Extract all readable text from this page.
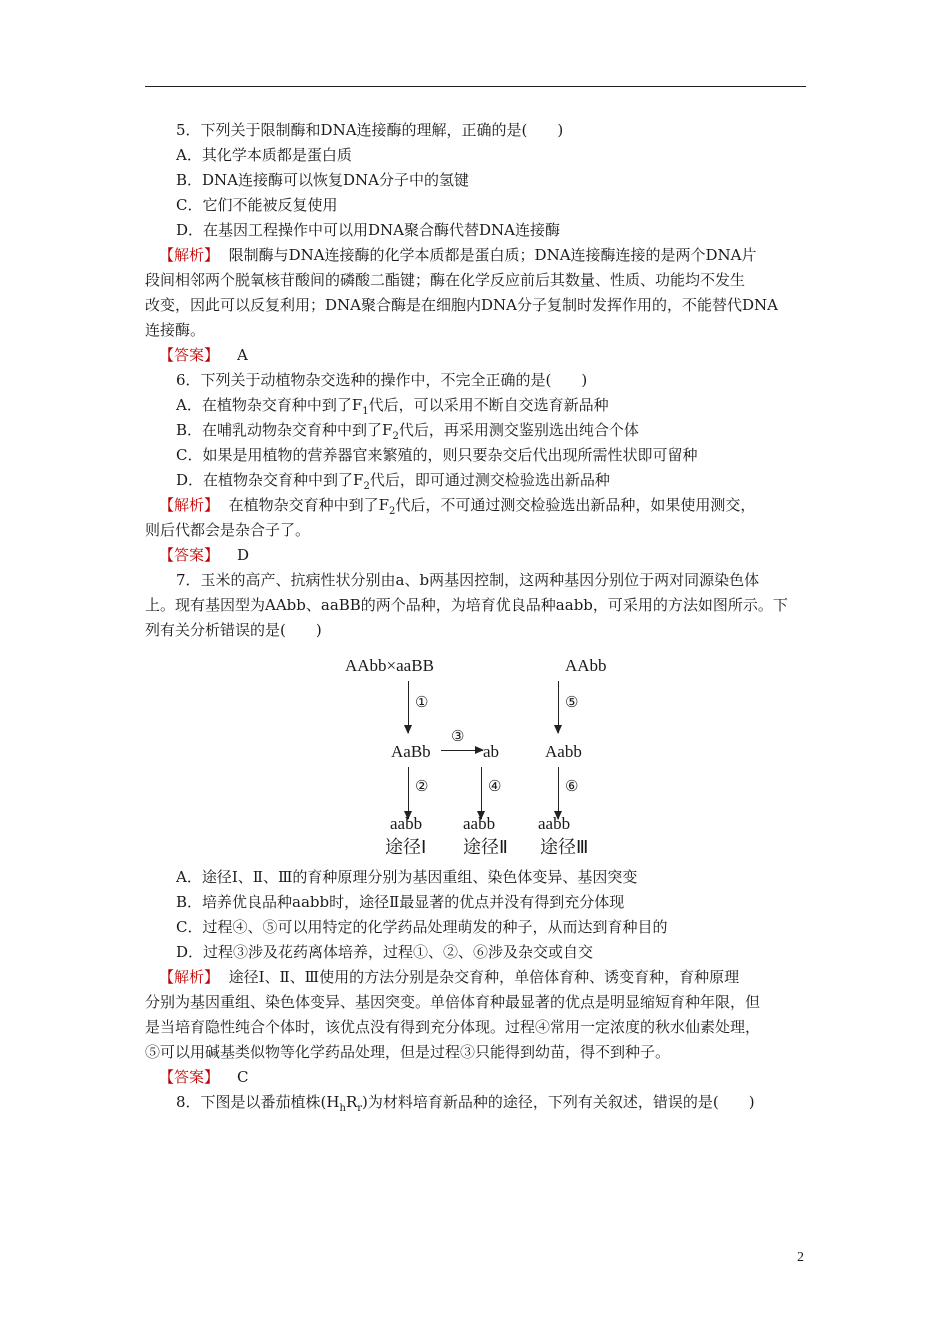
5．下列关于限制酶和DNA连接酶的理解，正确的是(　　)
A．其化学本质都是蛋白质
B．DNA连接酶可以恢复DNA分子中的氢键
C．它们不能被反复使用
D．在基因工程操作中可以用DNA聚合酶代替DNA连接酶
【解析】 限制酶与DNA连接酶的化学本质都是蛋白质；DNA连接酶连接的是两个DNA片
段间相邻两个脱氧核苷酸间的磷酸二酯键；酶在化学反应前后其数量、性质、功能均不发生
改变，因此可以反复利用；DNA聚合酶是在细胞内DNA分子复制时发挥作用的，不能替代DNA
连接酶。
【答案】 A
6．下列关于动植物杂交选种的操作中，不完全正确的是(　　)
A．在植物杂交育种中到了$F_1$代后，可以采用不断自交选育新品种
B．在哺乳动物杂交育种中到了$F_2$代后，再采用测交鉴别选出纯合个体
C．如果是用植物的营养器官来繁殖的，则只要杂交后代出现所需性状即可留种
D．在植物杂交育种中到了$F_2$代后，即可通过测交检验选出新品种
【解析】 在植物杂交育种中到了$F_2$代后，不可通过测交检验选出新品种，如果使用测交，
则后代都会是杂合子了。
【答案】 D
7．玉米的高产、抗病性状分别由a、b两基因控制，这两种基因分别位于两对同源染色体
上。现有基因型为AAbb、aaBB的两个品种，为培育优良品种aabb，可采用的方法如图所示。下
列有关分析错误的是(　　)
AAbb×aaBB	AAbb
①	⑤
AaBb
③
ab	Aabb
②	④	⑥
aabb aabb	aabb
途径Ⅰ 途径Ⅱ 途径Ⅲ
A．途径Ⅰ、Ⅱ、Ⅲ的育种原理分别为基因重组、染色体变异、基因突变
B．培养优良品种aabb时，途径Ⅱ最显著的优点并没有得到充分体现
C．过程④、⑤可以用特定的化学药品处理萌发的种子，从而达到育种目的
D．过程③涉及花药离体培养，过程①、②、⑥涉及杂交或自交
【解析】 途径Ⅰ、Ⅱ、Ⅲ使用的方法分别是杂交育种，单倍体育种、诱变育种，育种原理
分别为基因重组、染色体变异、基因突变。单倍体育种最显著的优点是明显缩短育种年限，但
是当培育隐性纯合个体时，该优点没有得到充分体现。过程④常用一定浓度的秋水仙素处理，
⑤可以用碱基类似物等化学药品处理，但是过程③只能得到幼苗，得不到种子。
【答案】 C
8．下图是以番茄植株$(H_hR_r)$为材料培育新品种的途径，下列有关叙述，错误的是(　　)
2
